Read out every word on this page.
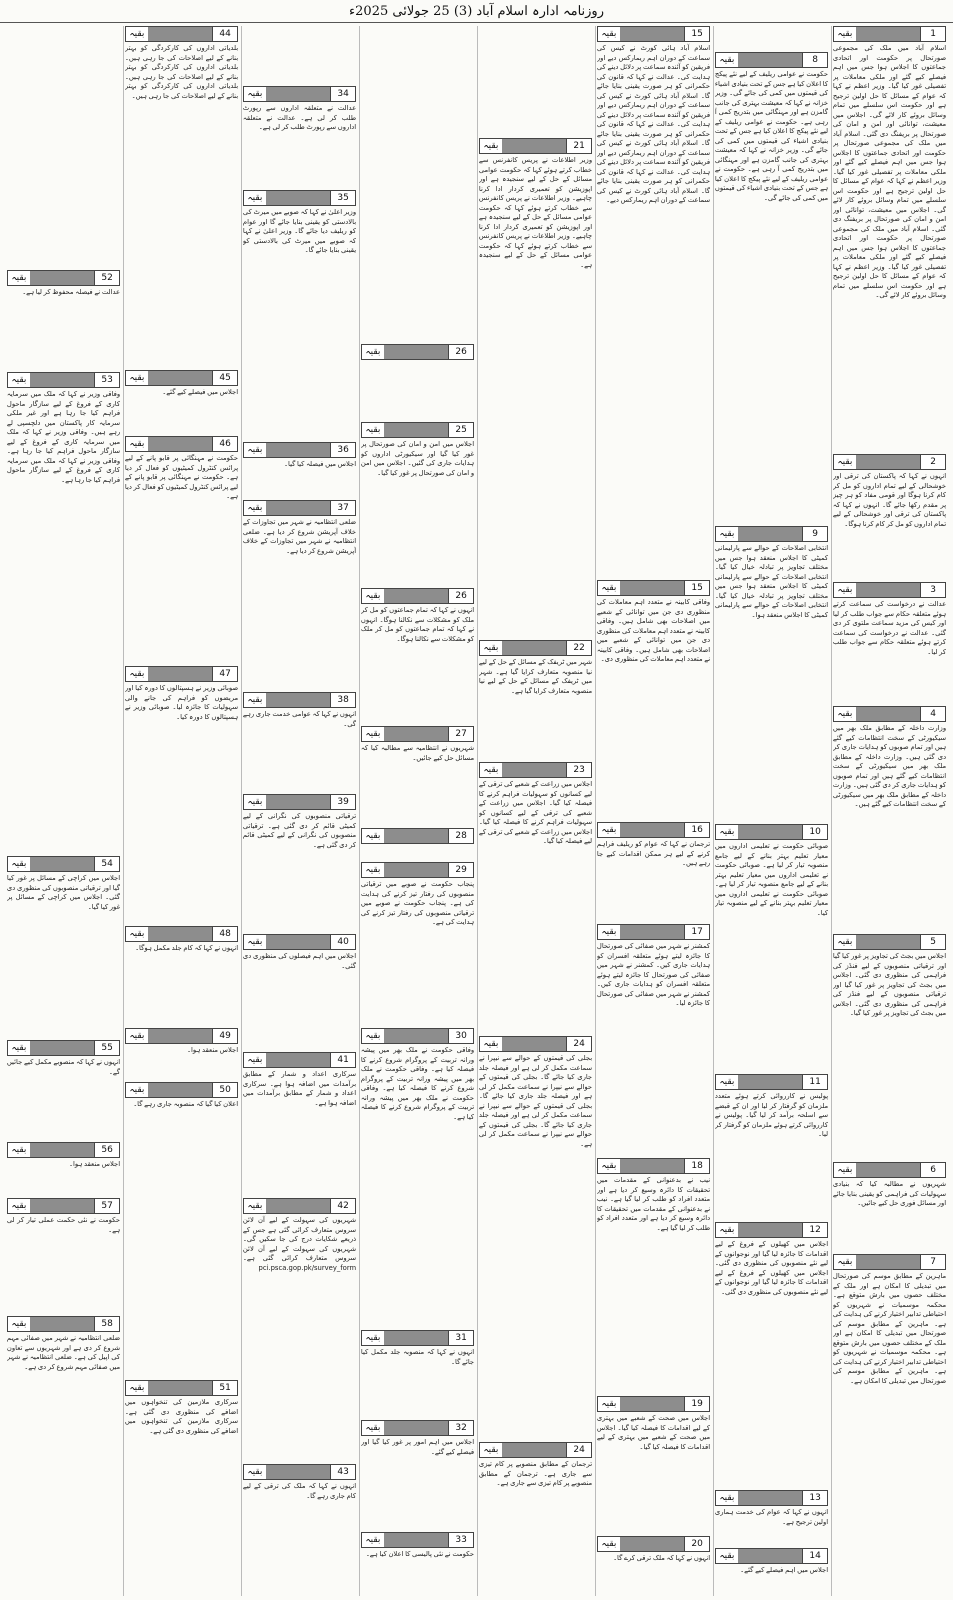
روزنامہ ادارہ اسلام آباد (3) 25 جولائی 2025ء
1
بقیہ
اسلام آباد میں ملک کی مجموعی صورتحال پر حکومت اور اتحادی جماعتوں کا اجلاس ہوا جس میں اہم فیصلے کیے گئے اور ملکی معاملات پر تفصیلی غور کیا گیا۔ وزیر اعظم نے کہا کہ عوام کے مسائل کا حل اولین ترجیح ہے اور حکومت اس سلسلے میں تمام وسائل بروئے کار لائے گی۔ اجلاس میں معیشت، توانائی اور امن و امان کی صورتحال پر بریفنگ دی گئی۔ اسلام آباد میں ملک کی مجموعی صورتحال پر حکومت اور اتحادی جماعتوں کا اجلاس ہوا جس میں اہم فیصلے کیے گئے اور ملکی معاملات پر تفصیلی غور کیا گیا۔ وزیر اعظم نے کہا کہ عوام کے مسائل کا حل اولین ترجیح ہے اور حکومت اس سلسلے میں تمام وسائل بروئے کار لائے گی۔ اجلاس میں معیشت، توانائی اور امن و امان کی صورتحال پر بریفنگ دی گئی۔ اسلام آباد میں ملک کی مجموعی صورتحال پر حکومت اور اتحادی جماعتوں کا اجلاس ہوا جس میں اہم فیصلے کیے گئے اور ملکی معاملات پر تفصیلی غور کیا گیا۔ وزیر اعظم نے کہا کہ عوام کے مسائل کا حل اولین ترجیح ہے اور حکومت اس سلسلے میں تمام وسائل بروئے کار لائے گی۔
2
بقیہ
انہوں نے کہا کہ پاکستان کی ترقی اور خوشحالی کے لیے تمام اداروں کو مل کر کام کرنا ہوگا اور قومی مفاد کو ہر چیز پر مقدم رکھا جائے گا۔ انہوں نے کہا کہ پاکستان کی ترقی اور خوشحالی کے لیے تمام اداروں کو مل کر کام کرنا ہوگا۔
3
بقیہ
عدالت نے درخواست کی سماعت کرتے ہوئے متعلقہ حکام سے جواب طلب کر لیا اور کیس کی مزید سماعت ملتوی کر دی گئی۔ عدالت نے درخواست کی سماعت کرتے ہوئے متعلقہ حکام سے جواب طلب کر لیا۔
4
بقیہ
وزارت داخلہ کے مطابق ملک بھر میں سیکیورٹی کے سخت انتظامات کیے گئے ہیں اور تمام صوبوں کو ہدایات جاری کر دی گئی ہیں۔ وزارت داخلہ کے مطابق ملک بھر میں سیکیورٹی کے سخت انتظامات کیے گئے ہیں اور تمام صوبوں کو ہدایات جاری کر دی گئی ہیں۔ وزارت داخلہ کے مطابق ملک بھر میں سیکیورٹی کے سخت انتظامات کیے گئے ہیں۔
5
بقیہ
اجلاس میں بجٹ کی تجاویز پر غور کیا گیا اور ترقیاتی منصوبوں کے لیے فنڈز کی فراہمی کی منظوری دی گئی۔ اجلاس میں بجٹ کی تجاویز پر غور کیا گیا اور ترقیاتی منصوبوں کے لیے فنڈز کی فراہمی کی منظوری دی گئی۔ اجلاس میں بجٹ کی تجاویز پر غور کیا گیا۔
6
بقیہ
شہریوں نے مطالبہ کیا کہ بنیادی سہولیات کی فراہمی کو یقینی بنایا جائے اور مسائل فوری حل کیے جائیں۔
7
بقیہ
ماہرین کے مطابق موسم کی صورتحال میں تبدیلی کا امکان ہے اور ملک کے مختلف حصوں میں بارش متوقع ہے۔ محکمہ موسمیات نے شہریوں کو احتیاطی تدابیر اختیار کرنے کی ہدایت کی ہے۔ ماہرین کے مطابق موسم کی صورتحال میں تبدیلی کا امکان ہے اور ملک کے مختلف حصوں میں بارش متوقع ہے۔ محکمہ موسمیات نے شہریوں کو احتیاطی تدابیر اختیار کرنے کی ہدایت کی ہے۔ ماہرین کے مطابق موسم کی صورتحال میں تبدیلی کا امکان ہے۔
8
بقیہ
حکومت نے عوامی ریلیف کے لیے نئے پیکج کا اعلان کیا ہے جس کے تحت بنیادی اشیاء کی قیمتوں میں کمی کی جائے گی۔ وزیر خزانہ نے کہا کہ معیشت بہتری کی جانب گامزن ہے اور مہنگائی میں بتدریج کمی آ رہی ہے۔ حکومت نے عوامی ریلیف کے لیے نئے پیکج کا اعلان کیا ہے جس کے تحت بنیادی اشیاء کی قیمتوں میں کمی کی جائے گی۔ وزیر خزانہ نے کہا کہ معیشت بہتری کی جانب گامزن ہے اور مہنگائی میں بتدریج کمی آ رہی ہے۔ حکومت نے عوامی ریلیف کے لیے نئے پیکج کا اعلان کیا ہے جس کے تحت بنیادی اشیاء کی قیمتوں میں کمی کی جائے گی۔
9
بقیہ
انتخابی اصلاحات کے حوالے سے پارلیمانی کمیٹی کا اجلاس منعقد ہوا جس میں مختلف تجاویز پر تبادلہ خیال کیا گیا۔ انتخابی اصلاحات کے حوالے سے پارلیمانی کمیٹی کا اجلاس منعقد ہوا جس میں مختلف تجاویز پر تبادلہ خیال کیا گیا۔ انتخابی اصلاحات کے حوالے سے پارلیمانی کمیٹی کا اجلاس منعقد ہوا۔
10
بقیہ
صوبائی حکومت نے تعلیمی اداروں میں معیار تعلیم بہتر بنانے کے لیے جامع منصوبہ تیار کر لیا ہے۔ صوبائی حکومت نے تعلیمی اداروں میں معیار تعلیم بہتر بنانے کے لیے جامع منصوبہ تیار کر لیا ہے۔ صوبائی حکومت نے تعلیمی اداروں میں معیار تعلیم بہتر بنانے کے لیے منصوبہ تیار کیا۔
11
بقیہ
پولیس نے کارروائی کرتے ہوئے متعدد ملزمان کو گرفتار کر لیا اور ان کے قبضے سے اسلحہ برآمد کر لیا گیا۔ پولیس نے کارروائی کرتے ہوئے ملزمان کو گرفتار کر لیا۔
12
بقیہ
اجلاس میں کھیلوں کے فروغ کے لیے اقدامات کا جائزہ لیا گیا اور نوجوانوں کے لیے نئے منصوبوں کی منظوری دی گئی۔ اجلاس میں کھیلوں کے فروغ کے لیے اقدامات کا جائزہ لیا گیا اور نوجوانوں کے لیے نئے منصوبوں کی منظوری دی گئی۔
13
بقیہ
انہوں نے کہا کہ عوام کی خدمت ہماری اولین ترجیح ہے۔
14
بقیہ
اجلاس میں اہم فیصلے کیے گئے۔
15
بقیہ
اسلام آباد ہائی کورٹ نے کیس کی سماعت کے دوران اہم ریمارکس دیے اور فریقین کو آئندہ سماعت پر دلائل دینے کی ہدایت کی۔ عدالت نے کہا کہ قانون کی حکمرانی کو ہر صورت یقینی بنایا جائے گا۔ اسلام آباد ہائی کورٹ نے کیس کی سماعت کے دوران اہم ریمارکس دیے اور فریقین کو آئندہ سماعت پر دلائل دینے کی ہدایت کی۔ عدالت نے کہا کہ قانون کی حکمرانی کو ہر صورت یقینی بنایا جائے گا۔ اسلام آباد ہائی کورٹ نے کیس کی سماعت کے دوران اہم ریمارکس دیے اور فریقین کو آئندہ سماعت پر دلائل دینے کی ہدایت کی۔ عدالت نے کہا کہ قانون کی حکمرانی کو ہر صورت یقینی بنایا جائے گا۔ اسلام آباد ہائی کورٹ نے کیس کی سماعت کے دوران اہم ریمارکس دیے۔
15
بقیہ
وفاقی کابینہ نے متعدد اہم معاملات کی منظوری دی جن میں توانائی کے شعبے میں اصلاحات بھی شامل ہیں۔ وفاقی کابینہ نے متعدد اہم معاملات کی منظوری دی جن میں توانائی کے شعبے میں اصلاحات بھی شامل ہیں۔ وفاقی کابینہ نے متعدد اہم معاملات کی منظوری دی۔
16
بقیہ
ترجمان نے کہا کہ عوام کو ریلیف فراہم کرنے کے لیے ہر ممکن اقدامات کیے جا رہے ہیں۔
17
بقیہ
کمشنر نے شہر میں صفائی کی صورتحال کا جائزہ لیتے ہوئے متعلقہ افسران کو ہدایات جاری کیں۔ کمشنر نے شہر میں صفائی کی صورتحال کا جائزہ لیتے ہوئے متعلقہ افسران کو ہدایات جاری کیں۔ کمشنر نے شہر میں صفائی کی صورتحال کا جائزہ لیا۔
18
بقیہ
نیب نے بدعنوانی کے مقدمات میں تحقیقات کا دائرہ وسیع کر دیا ہے اور متعدد افراد کو طلب کر لیا گیا ہے۔ نیب نے بدعنوانی کے مقدمات میں تحقیقات کا دائرہ وسیع کر دیا ہے اور متعدد افراد کو طلب کر لیا گیا ہے۔
19
بقیہ
اجلاس میں صحت کے شعبے میں بہتری کے لیے اقدامات کا فیصلہ کیا گیا۔ اجلاس میں صحت کے شعبے میں بہتری کے لیے اقدامات کا فیصلہ کیا گیا۔
20
بقیہ
انہوں نے کہا کہ ملک ترقی کرے گا۔
21
بقیہ
وزیر اطلاعات نے پریس کانفرنس سے خطاب کرتے ہوئے کہا کہ حکومت عوامی مسائل کے حل کے لیے سنجیدہ ہے اور اپوزیشن کو تعمیری کردار ادا کرنا چاہیے۔ وزیر اطلاعات نے پریس کانفرنس سے خطاب کرتے ہوئے کہا کہ حکومت عوامی مسائل کے حل کے لیے سنجیدہ ہے اور اپوزیشن کو تعمیری کردار ادا کرنا چاہیے۔ وزیر اطلاعات نے پریس کانفرنس سے خطاب کرتے ہوئے کہا کہ حکومت عوامی مسائل کے حل کے لیے سنجیدہ ہے۔
22
بقیہ
شہر میں ٹریفک کے مسائل کے حل کے لیے نیا منصوبہ متعارف کرایا گیا ہے۔ شہر میں ٹریفک کے مسائل کے حل کے لیے نیا منصوبہ متعارف کرایا گیا ہے۔
23
بقیہ
اجلاس میں زراعت کے شعبے کی ترقی کے لیے کسانوں کو سہولیات فراہم کرنے کا فیصلہ کیا گیا۔ اجلاس میں زراعت کے شعبے کی ترقی کے لیے کسانوں کو سہولیات فراہم کرنے کا فیصلہ کیا گیا۔ اجلاس میں زراعت کے شعبے کی ترقی کے لیے فیصلہ کیا گیا۔
24
بقیہ
بجلی کی قیمتوں کے حوالے سے نیپرا نے سماعت مکمل کر لی ہے اور فیصلہ جلد جاری کیا جائے گا۔ بجلی کی قیمتوں کے حوالے سے نیپرا نے سماعت مکمل کر لی ہے اور فیصلہ جلد جاری کیا جائے گا۔ بجلی کی قیمتوں کے حوالے سے نیپرا نے سماعت مکمل کر لی ہے اور فیصلہ جلد جاری کیا جائے گا۔ بجلی کی قیمتوں کے حوالے سے نیپرا نے سماعت مکمل کر لی ہے۔
24
بقیہ
ترجمان کے مطابق منصوبے پر کام تیزی سے جاری ہے۔ ترجمان کے مطابق منصوبے پر کام تیزی سے جاری ہے۔
25
بقیہ
اجلاس میں امن و امان کی صورتحال پر غور کیا گیا اور سیکیورٹی اداروں کو ہدایات جاری کی گئیں۔ اجلاس میں امن و امان کی صورتحال پر غور کیا گیا۔
26
بقیہ
26
بقیہ
انہوں نے کہا کہ تمام جماعتوں کو مل کر ملک کو مشکلات سے نکالنا ہوگا۔ انہوں نے کہا کہ تمام جماعتوں کو مل کر ملک کو مشکلات سے نکالنا ہوگا۔
27
بقیہ
شہریوں نے انتظامیہ سے مطالبہ کیا کہ مسائل حل کیے جائیں۔
28
بقیہ
29
بقیہ
پنجاب حکومت نے صوبے میں ترقیاتی منصوبوں کی رفتار تیز کرنے کی ہدایت کی ہے۔ پنجاب حکومت نے صوبے میں ترقیاتی منصوبوں کی رفتار تیز کرنے کی ہدایت کی ہے۔
30
بقیہ
وفاقی حکومت نے ملک بھر میں پیشہ ورانہ تربیت کے پروگرام شروع کرنے کا فیصلہ کیا ہے۔ وفاقی حکومت نے ملک بھر میں پیشہ ورانہ تربیت کے پروگرام شروع کرنے کا فیصلہ کیا ہے۔ وفاقی حکومت نے ملک بھر میں پیشہ ورانہ تربیت کے پروگرام شروع کرنے کا فیصلہ کیا ہے۔
31
بقیہ
انہوں نے کہا کہ منصوبہ جلد مکمل کیا جائے گا۔
32
بقیہ
اجلاس میں اہم امور پر غور کیا گیا اور فیصلے کیے گئے۔
33
بقیہ
حکومت نے نئی پالیسی کا اعلان کیا ہے۔
34
بقیہ
عدالت نے متعلقہ اداروں سے رپورٹ طلب کر لی ہے۔ عدالت نے متعلقہ اداروں سے رپورٹ طلب کر لی ہے۔
35
بقیہ
وزیر اعلیٰ نے کہا کہ صوبے میں میرٹ کی بالادستی کو یقینی بنایا جائے گا اور عوام کو ریلیف دیا جائے گا۔ وزیر اعلیٰ نے کہا کہ صوبے میں میرٹ کی بالادستی کو یقینی بنایا جائے گا۔
36
بقیہ
اجلاس میں فیصلہ کیا گیا۔
37
بقیہ
ضلعی انتظامیہ نے شہر میں تجاوزات کے خلاف آپریشن شروع کر دیا ہے۔ ضلعی انتظامیہ نے شہر میں تجاوزات کے خلاف آپریشن شروع کر دیا ہے۔
38
بقیہ
انہوں نے کہا کہ عوامی خدمت جاری رہے گی۔
39
بقیہ
ترقیاتی منصوبوں کی نگرانی کے لیے کمیٹی قائم کر دی گئی ہے۔ ترقیاتی منصوبوں کی نگرانی کے لیے کمیٹی قائم کر دی گئی ہے۔
40
بقیہ
اجلاس میں اہم فیصلوں کی منظوری دی گئی۔
41
بقیہ
سرکاری اعداد و شمار کے مطابق برآمدات میں اضافہ ہوا ہے۔ سرکاری اعداد و شمار کے مطابق برآمدات میں اضافہ ہوا ہے۔
42
بقیہ
شہریوں کی سہولت کے لیے آن لائن سروس متعارف کرائی گئی ہے جس کے ذریعے شکایات درج کی جا سکیں گی۔ شہریوں کی سہولت کے لیے آن لائن سروس متعارف کرائی گئی ہے۔ pci.psca.gop.pk/survey_form
43
بقیہ
انہوں نے کہا کہ ملک کی ترقی کے لیے کام جاری رہے گا۔
44
بقیہ
بلدیاتی اداروں کی کارکردگی کو بہتر بنانے کے لیے اصلاحات کی جا رہی ہیں۔ بلدیاتی اداروں کی کارکردگی کو بہتر بنانے کے لیے اصلاحات کی جا رہی ہیں۔ بلدیاتی اداروں کی کارکردگی کو بہتر بنانے کے لیے اصلاحات کی جا رہی ہیں۔
45
بقیہ
اجلاس میں فیصلے کیے گئے۔
46
بقیہ
حکومت نے مہنگائی پر قابو پانے کے لیے پرائس کنٹرول کمیٹیوں کو فعال کر دیا ہے۔ حکومت نے مہنگائی پر قابو پانے کے لیے پرائس کنٹرول کمیٹیوں کو فعال کر دیا ہے۔
47
بقیہ
صوبائی وزیر نے ہسپتالوں کا دورہ کیا اور مریضوں کو فراہم کی جانے والی سہولیات کا جائزہ لیا۔ صوبائی وزیر نے ہسپتالوں کا دورہ کیا۔
48
بقیہ
انہوں نے کہا کہ کام جلد مکمل ہوگا۔
49
بقیہ
اجلاس منعقد ہوا۔
50
بقیہ
اعلان کیا گیا کہ منصوبہ جاری رہے گا۔
51
بقیہ
سرکاری ملازمین کی تنخواہوں میں اضافے کی منظوری دی گئی ہے۔ سرکاری ملازمین کی تنخواہوں میں اضافے کی منظوری دی گئی ہے۔
52
بقیہ
عدالت نے فیصلہ محفوظ کر لیا ہے۔
53
بقیہ
وفاقی وزیر نے کہا کہ ملک میں سرمایہ کاری کے فروغ کے لیے سازگار ماحول فراہم کیا جا رہا ہے اور غیر ملکی سرمایہ کار پاکستان میں دلچسپی لے رہے ہیں۔ وفاقی وزیر نے کہا کہ ملک میں سرمایہ کاری کے فروغ کے لیے سازگار ماحول فراہم کیا جا رہا ہے۔ وفاقی وزیر نے کہا کہ ملک میں سرمایہ کاری کے فروغ کے لیے سازگار ماحول فراہم کیا جا رہا ہے۔
54
بقیہ
اجلاس میں کراچی کے مسائل پر غور کیا گیا اور ترقیاتی منصوبوں کی منظوری دی گئی۔ اجلاس میں کراچی کے مسائل پر غور کیا گیا۔
55
بقیہ
انہوں نے کہا کہ منصوبے مکمل کیے جائیں گے۔
56
بقیہ
اجلاس منعقد ہوا۔
57
بقیہ
حکومت نے نئی حکمت عملی تیار کر لی ہے۔
58
بقیہ
ضلعی انتظامیہ نے شہر میں صفائی مہم شروع کر دی ہے اور شہریوں سے تعاون کی اپیل کی ہے۔ ضلعی انتظامیہ نے شہر میں صفائی مہم شروع کر دی ہے۔
